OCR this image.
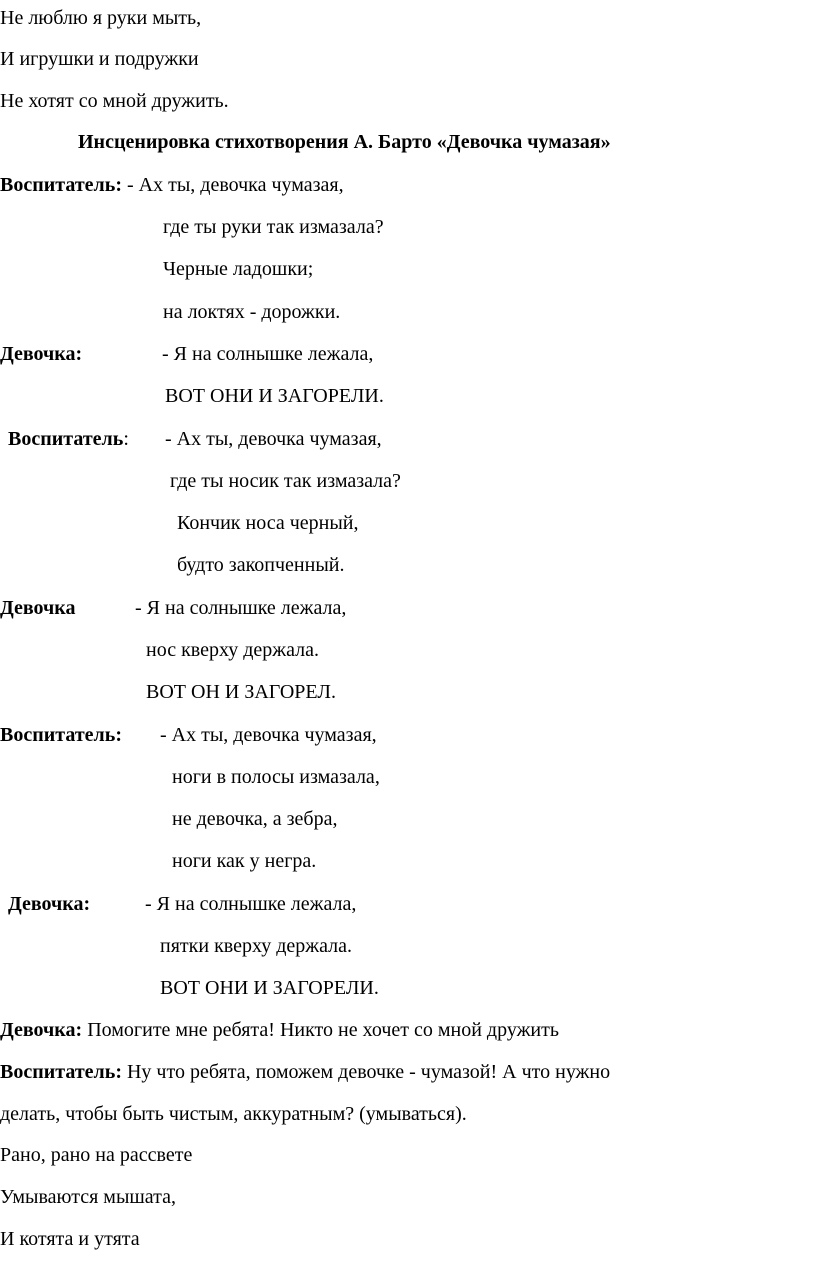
Не люблю я руки мыть,
И игрушки и подружки
Не хотят со мной дружить.
Инсценировка стихотворения А. Барто «Девочка чумазая»
Воспитатель: - Ах ты, девочка чумазая,
где ты руки так измазала?
Черные ладошки;
на локтях - дорожки.
Девочка:	- Я на солнышке лежала,
ВОТ ОНИ И ЗАГОРЕЛИ.
Воспитатель: - Ах ты, девочка чумазая,
где ты носик так измазала?
Кончик носа черный,
будто закопченный.
Девочка	- Я на солнышке лежала,
нос кверху держала.
ВОТ ОН И ЗАГОРЕЛ.
Воспитатель: - Ах ты, девочка чумазая,
ноги в полосы измазала,
не девочка, а зебра,
ноги как у негра.
Девочка:	- Я на солнышке лежала,
пятки кверху держала.
ВОТ ОНИ И ЗАГОРЕЛИ.
Девочка: Помогите мне ребята! Никто не хочет со мной дружить
Воспитатель: Ну что ребята, поможем девочке - чумазой! А что нужно
делать, чтобы быть чистым, аккуратным? (умываться).
Рано, рано на рассвете
Умываются мышата,
И котята и утята
